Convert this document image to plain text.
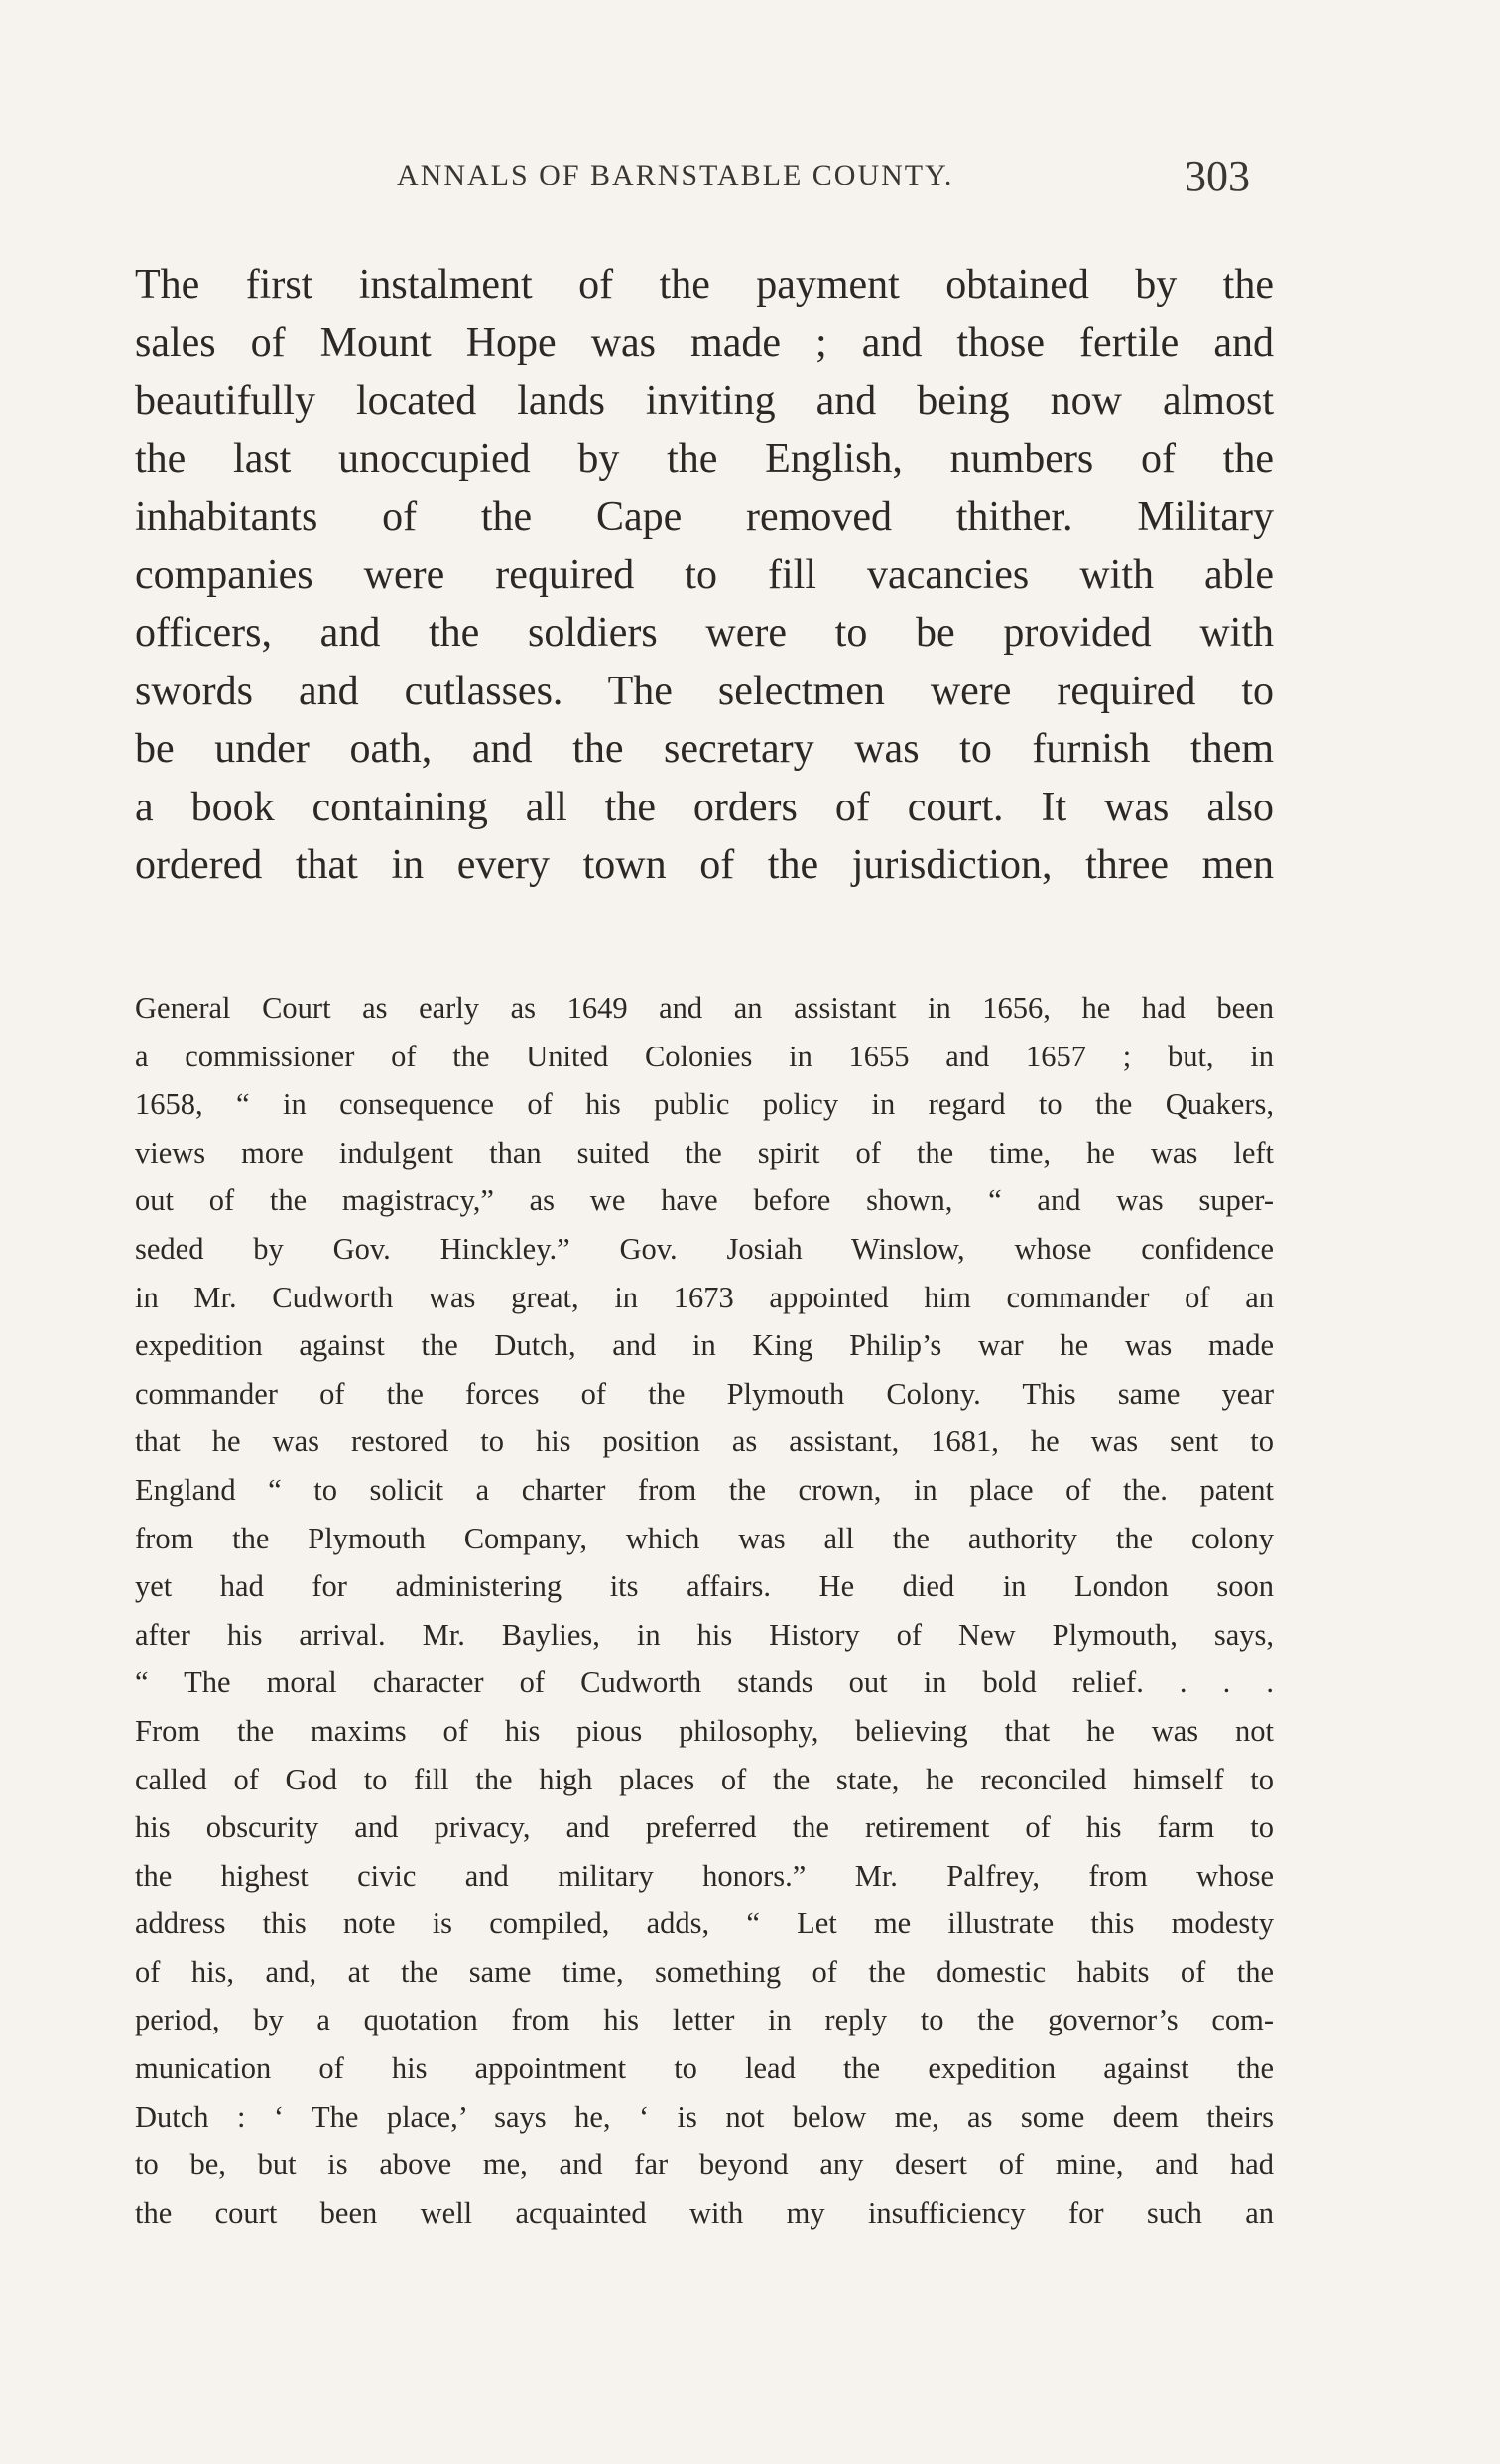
ANNALS OF BARNSTABLE COUNTY.	303
The first instalment of the payment obtained by the
sales of Mount Hope was made ; and those fertile and
beautifully located lands inviting and being now almost
the last unoccupied by the English, numbers of the
inhabitants of the Cape removed thither. Military
companies were required to fill vacancies with able
officers, and the soldiers were to be provided with
swords and cutlasses. The selectmen were required to
be under oath, and the secretary was to furnish them
a book containing all the orders of court. It was also
ordered that in every town of the jurisdiction, three men
General Court as early as 1649 and an assistant in 1656, he had been
a commissioner of the United Colonies in 1655 and 1657 ; but, in
1658, “ in consequence of his public policy in regard to the Quakers,
views more indulgent than suited the spirit of the time, he was left
out of the magistracy,” as we have before shown, “ and was super-
seded by Gov. Hinckley.” Gov. Josiah Winslow, whose confidence
in Mr. Cudworth was great, in 1673 appointed him commander of an
expedition against the Dutch, and in King Philip’s war he was made
commander of the forces of the Plymouth Colony. This same year
that he was restored to his position as assistant, 1681, he was sent to
England “ to solicit a charter from the crown, in place of the. patent
from the Plymouth Company, which was all the authority the colony
yet had for administering its affairs. He died in London soon
after his arrival. Mr. Baylies, in his History of New Plymouth, says,
“ The moral character of Cudworth stands out in bold relief. . . .
From the maxims of his pious philosophy, believing that he was not
called of God to fill the high places of the state, he reconciled himself to
his obscurity and privacy, and preferred the retirement of his farm to
the highest civic and military honors.” Mr. Palfrey, from whose
address this note is compiled, adds, “ Let me illustrate this modesty
of his, and, at the same time, something of the domestic habits of the
period, by a quotation from his letter in reply to the governor’s com-
munication of his appointment to lead the expedition against the
Dutch : ‘ The place,’ says he, ‘ is not below me, as some deem theirs
to be, but is above me, and far beyond any desert of mine, and had
the court been well acquainted with my insufficiency for such an
